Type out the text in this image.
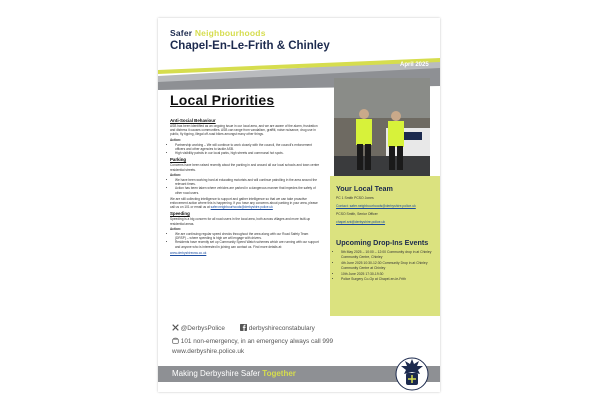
Safer Neighbourhoods
Chapel-En-Le-Frith & Chinley
April 2025
Local Priorities
Anti-Social Behaviour

ASB has been identified as an ongoing issue in our local area, and we are aware of the alarm, frustration and distress it causes communities. ASB can range from vandalism, graffiti, noise nuisance, drug use in public, fly tipping, illegal off-road bikes amongst many other things.

Action:

• Partnership working – We will continue to work closely with the council, the council's enforcement officers and other agencies to tackle ASB.
• High visibility patrols in our local parks, high streets and communal hot spots.
Parking

Concerns have been raised recently about the parking in and around all our local schools and town centre residential streets.

Action:

• We have been working hard at educating motorists and will continue patrolling in the area around the relevant times.
• Action has been taken where vehicles are parked in a dangerous manner that impedes the safety of other road users.

We are still collecting intelligence to support and gather intelligence so that we can take proactive enforcement action where this is happening. If you have any concerns about parking in your area, please call us on 101 or email us at safer.neighbourhoods@derbyshire.police.uk

Speeding

Speeding is a big concern for all road users in the local area, both across villages and more built-up residential areas.

Action:

• We are continuing regular speed checks throughout the area along with our Road Safety Team (DRSP) – where speeding is high we will engage with drivers.
• Residents have recently set up Community Speed Watch schemes which are running with our support and anyone who is interested in joining can contact us. Find more details at:
www.derbyshirecsw.co.uk
Your Local Team
PC 1 Smith PCSO Jones
Contact: safer.neighbourhoods@derbyshire.police.uk
PCSO Smith, Senior Officer
chapel.snt@derbyshire.police.uk
Upcoming Drop-Ins Events
• 5th May 2025 – 10:00 – 12:00 Community drop in at Chinley Community Centre, Chinley
• 4th June 2025 10:30-12:30 Community Drop in at Chinley Community Centre at Chinley
• 10th June 2025 17:30-19:30
• Police Surgery Co-Op at Chapel-en-le-Frith
@DerbysPolice	derbyshireconstabulary
101 non-emergency, in an emergency always call 999
www.derbyshire.police.uk
Making Derbyshire Safer Together
